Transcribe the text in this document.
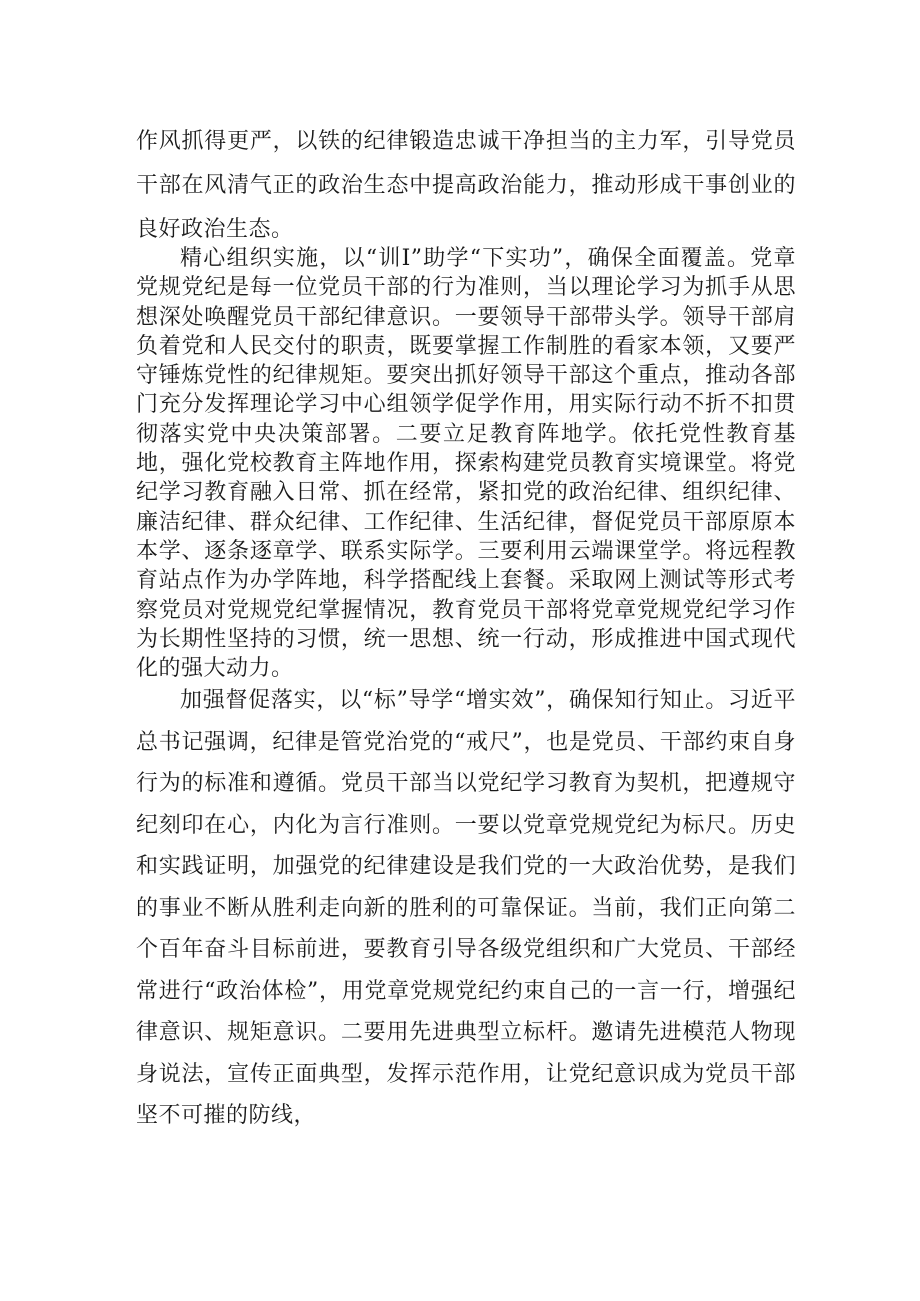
作风抓得更严，以铁的纪律锻造忠诚干净担当的主力军，引导党员干部在风清气正的政治生态中提高政治能力，推动形成干事创业的良好政治生态。

精心组织实施，以“训I”助学“下实功”，确保全面覆盖。党章党规党纪是每一位党员干部的行为准则，当以理论学习为抓手从思想深处唤醒党员干部纪律意识。一要领导干部带头学。领导干部肩负着党和人民交付的职责，既要掌握工作制胜的看家本领，又要严守锤炼党性的纪律规矩。要突出抓好领导干部这个重点，推动各部门充分发挥理论学习中心组领学促学作用，用实际行动不折不扣贯彻落实党中央决策部署。二要立足教育阵地学。依托党性教育基地，强化党校教育主阵地作用，探索构建党员教育实境课堂。将党纪学习教育融入日常、抓在经常，紧扣党的政治纪律、组织纪律、廉洁纪律、群众纪律、工作纪律、生活纪律，督促党员干部原原本本学、逐条逐章学、联系实际学。三要利用云端课堂学。将远程教育站点作为办学阵地，科学搭配线上套餐。采取网上测试等形式考察党员对党规党纪掌握情况，教育党员干部将党章党规党纪学习作为长期性坚持的习惯，统一思想、统一行动，形成推进中国式现代化的强大动力。

加强督促落实，以“标”导学“增实效”，确保知行知止。习近平总书记强调，纪律是管党治党的“戒尺”，也是党员、干部约束自身行为的标准和遵循。党员干部当以党纪学习教育为契机，把遵规守纪刻印在心，内化为言行准则。一要以党章党规党纪为标尺。历史和实践证明，加强党的纪律建设是我们党的一大政治优势，是我们的事业不断从胜利走向新的胜利的可靠保证。当前，我们正向第二个百年奋斗目标前进，要教育引导各级党组织和广大党员、干部经常进行“政治体检”，用党章党规党纪约束自己的一言一行，增强纪律意识、规矩意识。二要用先进典型立标杆。邀请先进模范人物现身说法，宣传正面典型，发挥示范作用，让党纪意识成为党员干部坚不可摧的防线，
